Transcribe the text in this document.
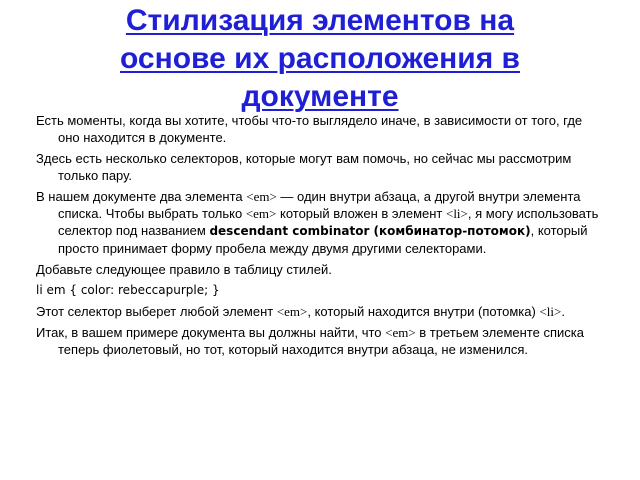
Стилизация элементов на
основе их расположения в
документе

Есть моменты, когда вы хотите, чтобы что-то выглядело иначе, в зависимости от того, где оно находится в документе.

Здесь есть несколько селекторов, которые могут вам помочь, но сейчас мы рассмотрим только пару.

В нашем документе два элемента <em> — один внутри абзаца, а другой внутри элемента списка. Чтобы выбрать только <em> который вложен в элемент <li>, я могу использовать селектор под названием descendant combinator (комбинатор-потомок), который просто принимает форму пробела между двумя другими селекторами.

Добавьте следующее правило в таблицу стилей.

li em { color: rebeccapurple; }

Этот селектор выберет любой элемент <em>, который находится внутри (потомка) <li>.

Итак, в вашем примере документа вы должны найти, что <em> в третьем элементе списка теперь фиолетовый, но тот, который находится внутри абзаца, не изменился.
